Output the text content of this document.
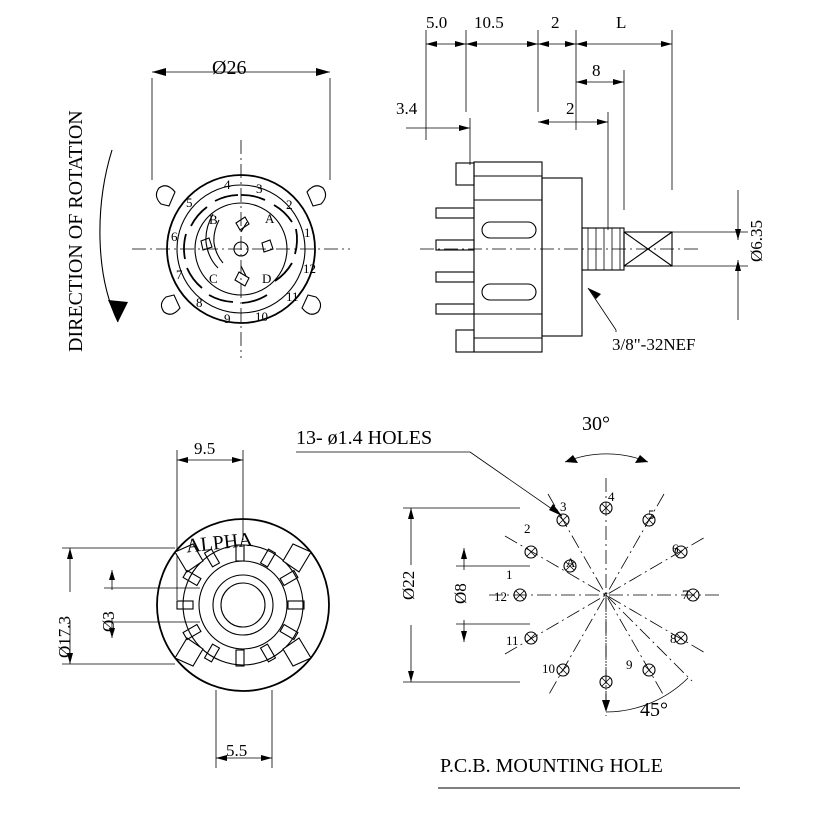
DIRECTION OF ROTATION
Ø26
4 3
2
1
12
11
10
9
8
7
6
5
B	A
C	D
5.0 10.5	2	L
8
2
3.4
Ø6.35
3/8"-32NEF
9.5
Ø17.3 Ø3
5.5
ALPHA
13- ø1.4 HOLES
30°
45°
Ø22 Ø8
A
1
2
3
4
5
6
7
8
9
10
11
12
P.C.B. MOUNTING HOLE
